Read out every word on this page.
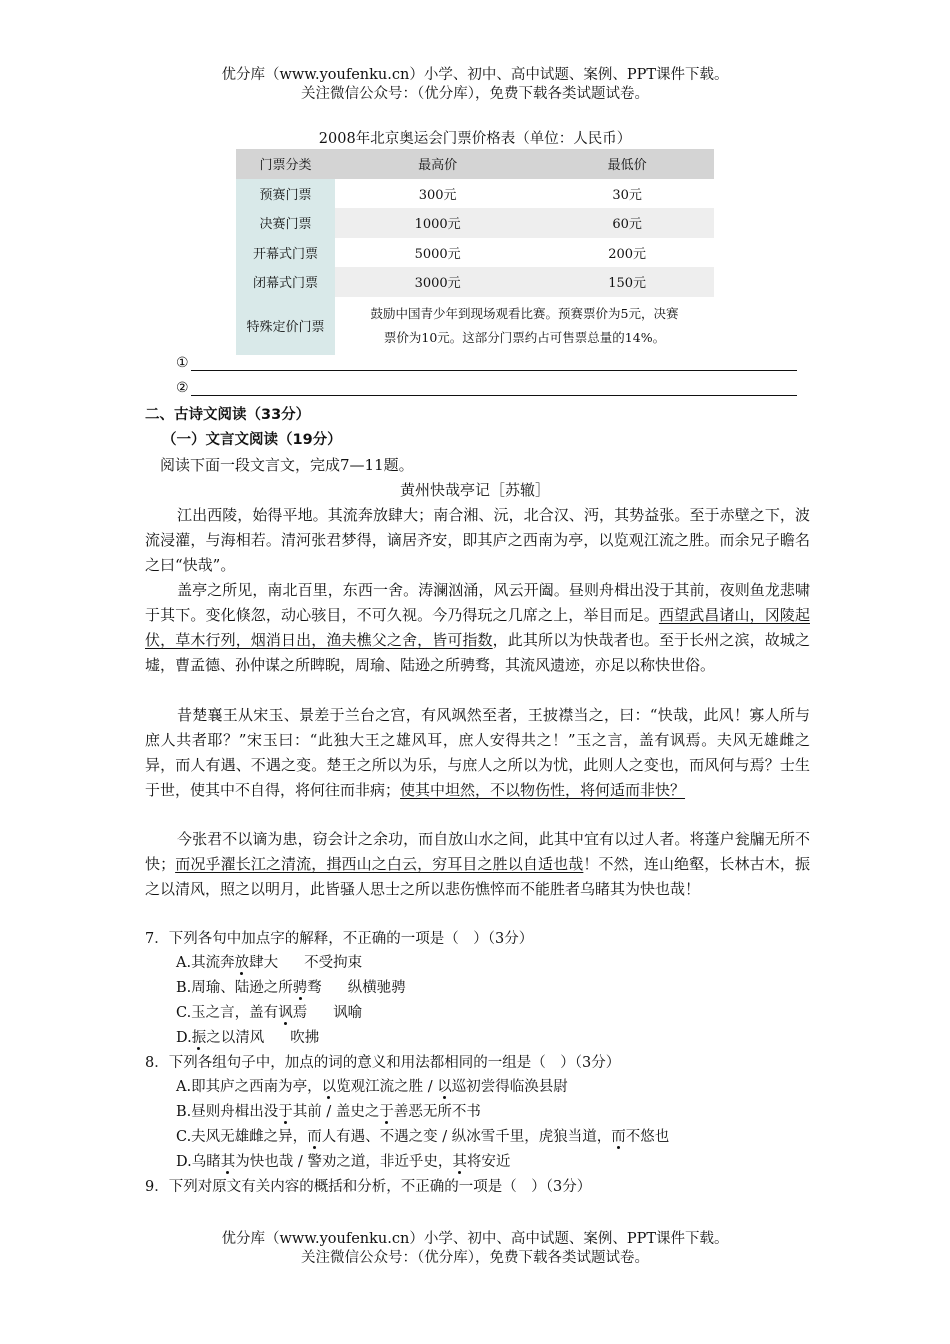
优分库（www.youfenku.cn）小学、初中、高中试题、案例、PPT课件下载。
关注微信公众号：（优分库），免费下载各类试题试卷。
2008年北京奥运会门票价格表（单位：人民币）
门票分类	最高价	最低价
预赛门票	300元	30元
决赛门票	1000元	60元
开幕式门票	5000元	200元
闭幕式门票	3000元	150元
特殊定价门票	鼓励中国青少年到现场观看比赛。预赛票价为5元，决赛
票价为10元。这部分门票约占可售票总量的14%。	
①
②
二、古诗文阅读（33分）
（一）文言文阅读（19分）
阅读下面一段文言文，完成7—11题。
黄州快哉亭记［苏辙］
江出西陵，始得平地。其流奔放肆大；南合湘、沅，北合汉、沔，其势益张。至于赤壁之下，波流浸灌，与海相若。清河张君梦得，谪居齐安，即其庐之西南为亭，以览观江流之胜。而余兄子瞻名之曰“快哉”。
盖亭之所见，南北百里，东西一舍。涛澜汹涌，风云开阖。昼则舟楫出没于其前，夜则鱼龙悲啸于其下。变化倏忽，动心骇目，不可久视。今乃得玩之几席之上，举目而足。西望武昌诸山，冈陵起伏，草木行列，烟消日出，渔夫樵父之舍，皆可指数，此其所以为快哉者也。至于长州之滨，故城之墟，曹孟德、孙仲谋之所睥睨，周瑜、陆逊之所骋骛，其流风遗迹，亦足以称快世俗。
昔楚襄王从宋玉、景差于兰台之宫，有风飒然至者，王披襟当之，曰：“快哉，此风！寡人所与庶人共者耶？”宋玉曰：“此独大王之雄风耳，庶人安得共之！”玉之言，盖有讽焉。夫风无雄雌之异，而人有遇、不遇之变。楚王之所以为乐，与庶人之所以为忧，此则人之变也，而风何与焉？士生于世，使其中不自得，将何往而非病；使其中坦然，不以物伤性，将何适而非快？
今张君不以谪为患，窃会计之余功，而自放山水之间，此其中宜有以过人者。将蓬户瓮牖无所不快；而况乎濯长江之清流，揖西山之白云，穷耳目之胜以自适也哉！不然，连山绝壑，长林古木，振之以清风，照之以明月，此皆骚人思士之所以悲伤憔悴而不能胜者乌睹其为快也哉！
7．下列各句中加点字的解释，不正确的一项是（　）（3分）
A.其流奔放肆大 不受拘束
B.周瑜、陆逊之所骋骛 纵横驰骋
C.玉之言，盖有讽焉 讽喻
D.振之以清风 吹拂
8．下列各组句子中，加点的词的意义和用法都相同的一组是（　）（3分）
A.即其庐之西南为亭，以览观江流之胜 / 以巡初尝得临涣县尉
B.昼则舟楫出没于其前 / 盖史之于善恶无所不书
C.夫风无雄雌之异，而人有遇、不遇之变 / 纵冰雪千里，虎狼当道，而不悠也
D.乌睹其为快也哉 / 警劝之道，非近乎史，其将安近
9．下列对原文有关内容的概括和分析，不正确的一项是（　）（3分）
优分库（www.youfenku.cn）小学、初中、高中试题、案例、PPT课件下载。
关注微信公众号：（优分库），免费下载各类试题试卷。
